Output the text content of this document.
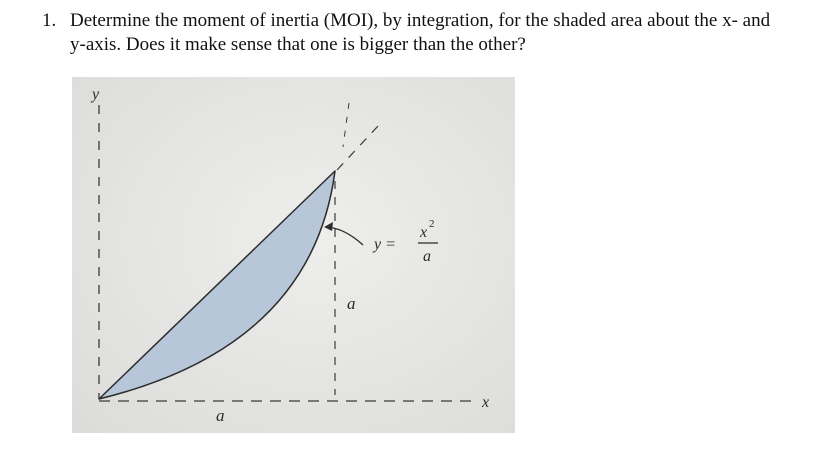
1. Determine the moment of inertia (MOI), by integration, for the shaded area about the x- and
y-axis. Does it make sense that one is bigger than the other?
y
x
a
a
y =
x 2
a
